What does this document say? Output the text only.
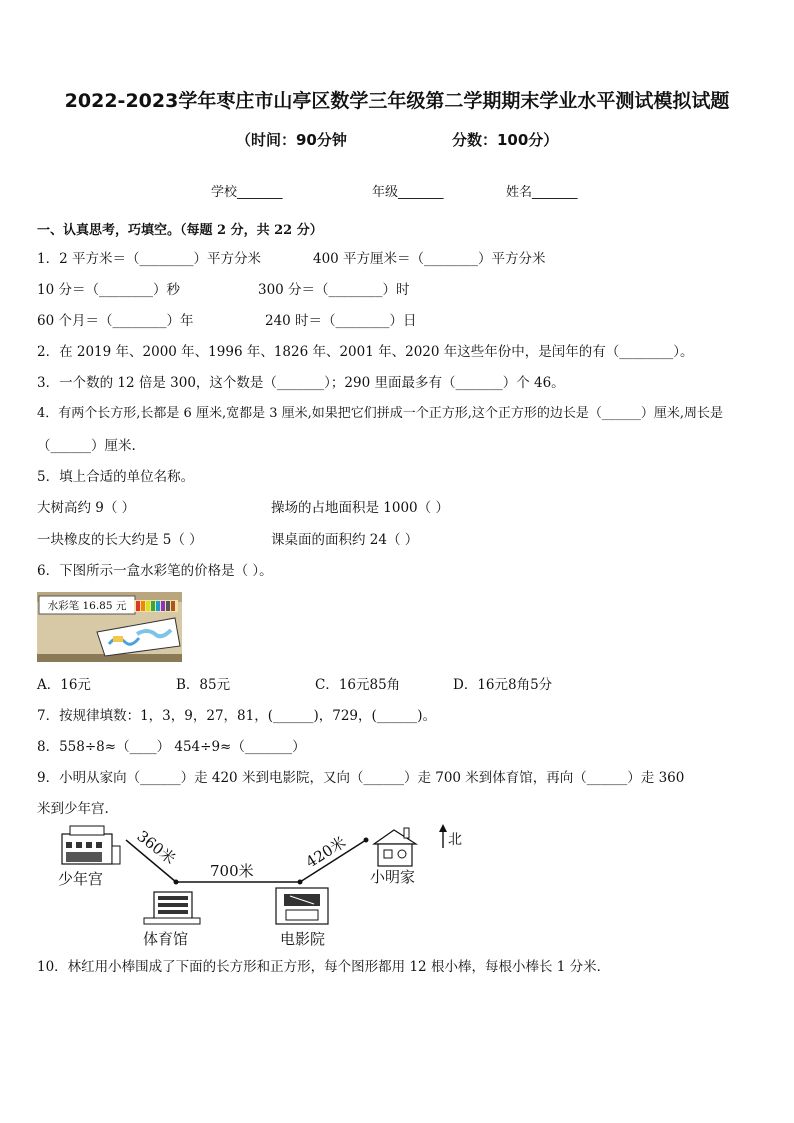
2022-2023学年枣庄市山亭区数学三年级第二学期期末学业水平测试模拟试题
（时间：90分钟	分数：100分）
学校_______	年级_______	姓名_______
一、认真思考，巧填空。（每题 2 分，共 22 分）
1．2 平方米＝（________）平方分米	400 平方厘米＝（________）平方分米
10 分＝（________）秒	300 分＝（________）时
60 个月＝（________）年	240 时＝（________）日
2．在 2019 年、2000 年、1996 年、1826 年、2001 年、2020 年这些年份中，是闰年的有（________）。
3．一个数的 12 倍是 300，这个数是（_______）；290 里面最多有（_______）个 46。
4．有两个长方形,长都是 6 厘米,宽都是 3 厘米,如果把它们拼成一个正方形,这个正方形的边长是（______）厘米,周长是
（______）厘米.
5．填上合适的单位名称。
大树高约 9（ ）	操场的占地面积是 1000（ ）
一块橡皮的长大约是 5（ ）	课桌面的面积约 24（ ）
6．下图所示一盒水彩笔的价格是（ ）。
水彩笔 16.85 元
A．16元	B．85元	C．16元85角	D．16元8角5分
7．按规律填数：1，3，9，27，81，(______)，729，(______)。
8．558÷8≈（____） 454÷9≈（_______）
9．小明从家向（______）走 420 米到电影院，又向（______）走 700 米到体育馆，再向（______）走 360
米到少年宫.
360米
700米	420米
少年宫
体育馆	电影院
小明家
北
10．林红用小棒围成了下面的长方形和正方形，每个图形都用 12 根小棒，每根小棒长 1 分米．
